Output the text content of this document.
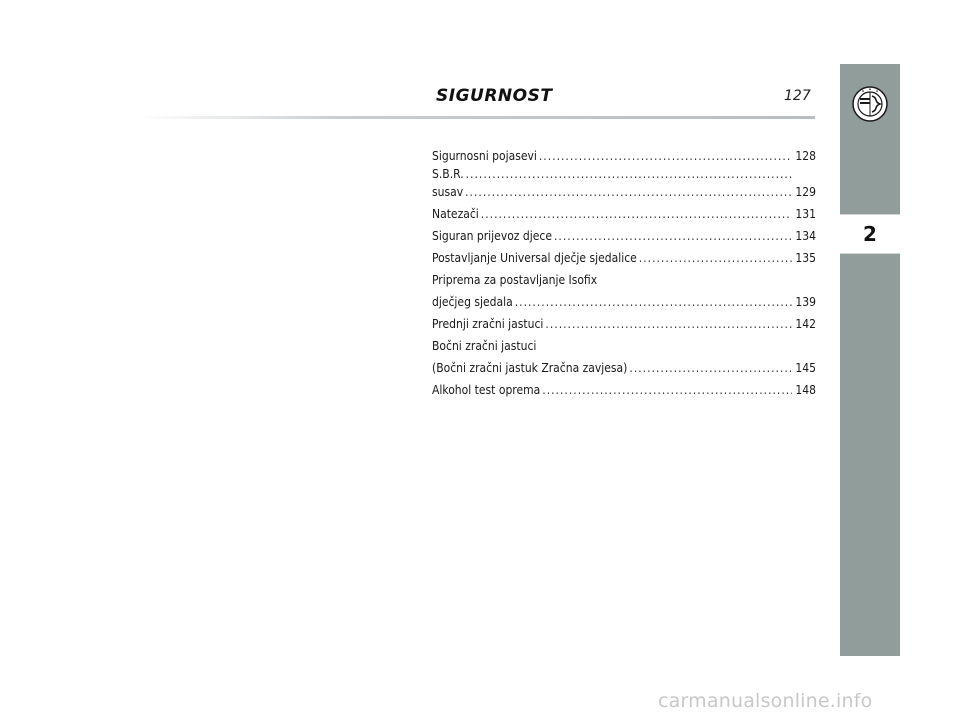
SIGURNOST	127
2
Sigurnosni pojasevi .....	128
S.B.R.
.....
susav .....	129
Natezači .....	131
Siguran prijevoz djece .....	134
Postavljanje Universal dječje sjedalice .....	135
Priprema za postavljanje Isofix
dječjeg sjedala .....	139
Prednji zračni jastuci .....	142
Bočni zračni jastuci
(Bočni zračni jastuk Zračna zavjesa) .....	145
Alkohol test oprema .....	148
carmanualsonline.info
